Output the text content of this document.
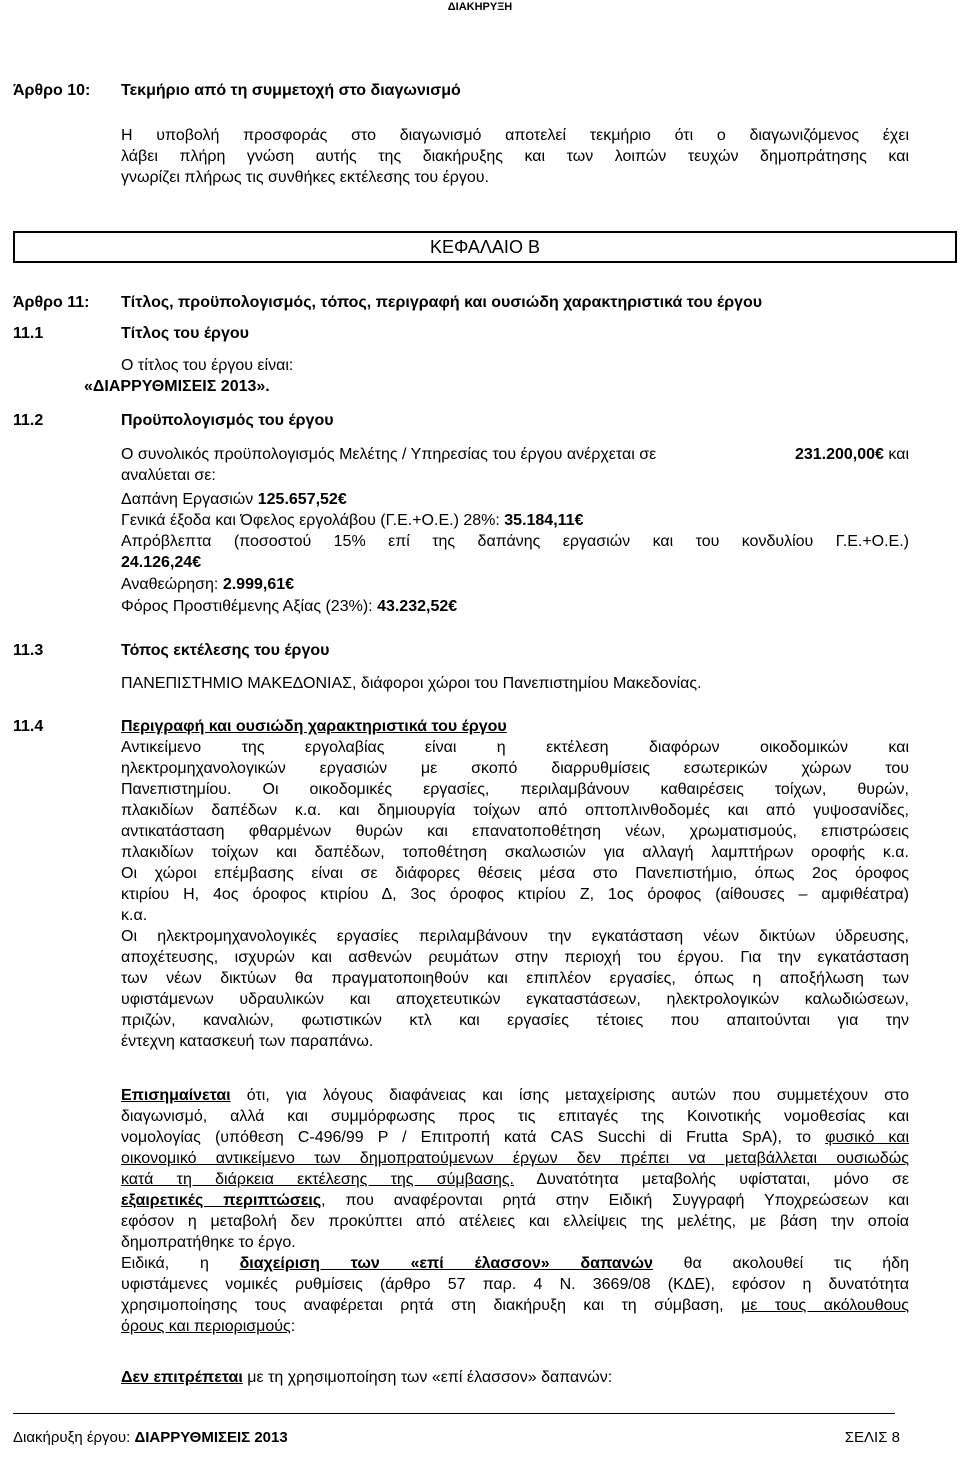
ΔΙΑΚΗΡΥΞΗ
Άρθρο 10: Τεκμήριο από τη συμμετοχή στο διαγωνισμό
Η υποβολή προσφοράς στο διαγωνισμό αποτελεί τεκμήριο ότι ο διαγωνιζόμενος έχει
λάβει πλήρη γνώση αυτής της διακήρυξης και των λοιπών τευχών δημοπράτησης και
γνωρίζει πλήρως τις συνθήκες εκτέλεσης του έργου.
ΚΕΦΑΛΑΙΟ Β
Άρθρο 11: Τίτλος, προϋπολογισμός, τόπος, περιγραφή και ουσιώδη χαρακτηριστικά του έργου
11.1	Τίτλος του έργου
Ο τίτλος του έργου είναι:
«ΔΙΑΡΡΥΘΜΙΣΕΙΣ 2013».
11.2	Προϋπολογισμός του έργου
Ο συνολικός προϋπολογισμός Μελέτης / Υπηρεσίας του έργου ανέρχεται σε	231.200,00€ και
αναλύεται σε:
Δαπάνη Εργασιών 125.657,52€
Γενικά έξοδα και Όφελος εργολάβου (Γ.Ε.+Ο.Ε.) 28%: 35.184,11€
Απρόβλεπτα (ποσοστού 15% επί της δαπάνης εργασιών και του κονδυλίου Γ.Ε.+Ο.Ε.)
24.126,24€
Αναθεώρηση: 2.999,61€
Φόρος Προστιθέμενης Αξίας (23%): 43.232,52€
11.3	Τόπος εκτέλεσης του έργου
ΠΑΝΕΠΙΣΤΗΜΙΟ ΜΑΚΕΔΟΝΙΑΣ, διάφοροι χώροι του Πανεπιστημίου Μακεδονίας.
11.4	Περιγραφή και ουσιώδη χαρακτηριστικά του έργου
Αντικείμενο της εργολαβίας είναι η εκτέλεση διαφόρων οικοδομικών και
ηλεκτρομηχανολογικών εργασιών με σκοπό διαρρυθμίσεις εσωτερικών χώρων του
Πανεπιστημίου. Οι οικοδομικές εργασίες, περιλαμβάνουν καθαιρέσεις τοίχων, θυρών,
πλακιδίων δαπέδων κ.α. και δημιουργία τοίχων από οπτοπλινθοδομές και από γυψοσανίδες,
αντικατάσταση φθαρμένων θυρών και επανατοποθέτηση νέων, χρωματισμούς, επιστρώσεις
πλακιδίων τοίχων και δαπέδων, τοποθέτηση σκαλωσιών για αλλαγή λαμπτήρων οροφής κ.α.
Οι χώροι επέμβασης είναι σε διάφορες θέσεις μέσα στο Πανεπιστήμιο, όπως 2ος όροφος
κτιρίου Η, 4ος όροφος κτιρίου Δ, 3ος όροφος κτιρίου Ζ, 1ος όροφος (αίθουσες – αμφιθέατρα)
κ.α.
Οι ηλεκτρομηχανολογικές εργασίες περιλαμβάνουν την εγκατάσταση νέων δικτύων ύδρευσης,
αποχέτευσης, ισχυρών και ασθενών ρευμάτων στην περιοχή του έργου. Για την εγκατάσταση
των νέων δικτύων θα πραγματοποιηθούν και επιπλέον εργασίες, όπως η αποξήλωση των
υφιστάμενων υδραυλικών και αποχετευτικών εγκαταστάσεων, ηλεκτρολογικών καλωδιώσεων,
πριζών, καναλιών, φωτιστικών κτλ και εργασίες τέτοιες που απαιτούνται για την
έντεχνη κατασκευή των παραπάνω.
Επισημαίνεται ότι, για λόγους διαφάνειας και ίσης μεταχείρισης αυτών που συμμετέχουν στο
διαγωνισμό, αλλά και συμμόρφωσης προς τις επιταγές της Κοινοτικής νομοθεσίας και
νομολογίας (υπόθεση C-496/99 P / Επιτροπή κατά CAS Succhi di Frutta SpA), το φυσικό και
οικονομικό αντικείμενο των δημοπρατούμενων έργων δεν πρέπει να μεταβάλλεται ουσιωδώς
κατά τη διάρκεια εκτέλεσης της σύμβασης. Δυνατότητα μεταβολής υφίσταται, μόνο σε
εξαιρετικές περιπτώσεις, που αναφέρονται ρητά στην Ειδική Συγγραφή Υποχρεώσεων και
εφόσον η μεταβολή δεν προκύπτει από ατέλειες και ελλείψεις της μελέτης, με βάση την οποία
δημοπρατήθηκε το έργο.
Ειδικά, η διαχείριση των «επί έλασσον» δαπανών θα ακολουθεί τις ήδη
υφιστάμενες νομικές ρυθμίσεις (άρθρο 57 παρ. 4 Ν. 3669/08 (ΚΔΕ), εφόσον η δυνατότητα
χρησιμοποίησης τους αναφέρεται ρητά στη διακήρυξη και τη σύμβαση, με τους ακόλουθους
όρους και περιορισμούς:
Δεν επιτρέπεται με τη χρησιμοποίηση των «επί έλασσον» δαπανών:
Διακήρυξη έργου: ΔΙΑΡΡΥΘΜΙΣΕΙΣ 2013	ΣΕΛΙΣ 8
